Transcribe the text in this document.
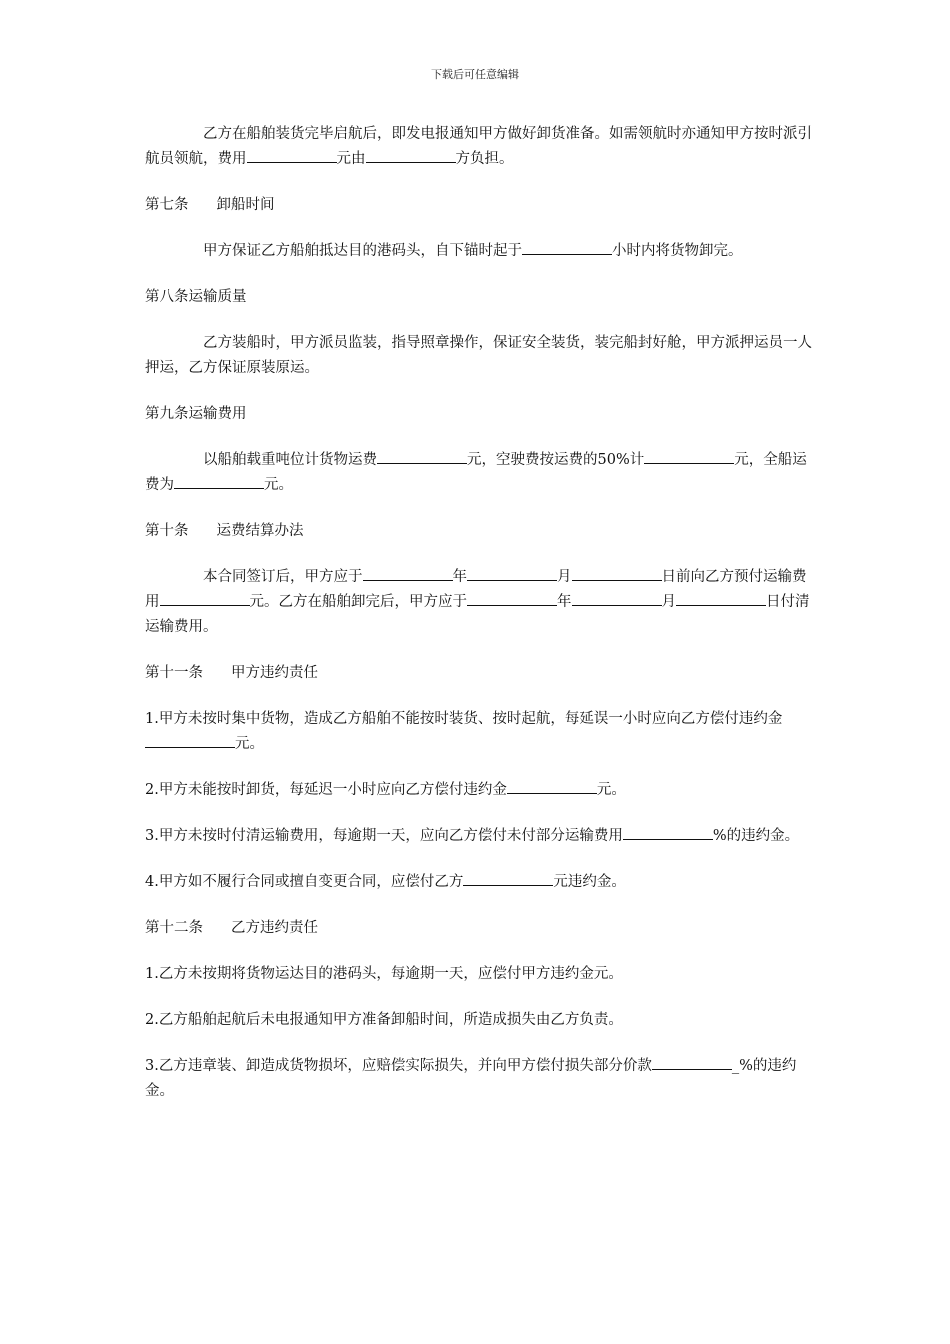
下载后可任意编辑

乙方在船舶装货完毕启航后，即发电报通知甲方做好卸货准备。如需领航时亦通知甲方按时派引航员领航，费用	元由	方负担。

第七条 卸船时间

甲方保证乙方船舶抵达目的港码头，自下锚时起于	小时内将货物卸完。

第八条运输质量

乙方装船时，甲方派员监装，指导照章操作，保证安全装货，装完船封好舱，甲方派押运员一人押运，乙方保证原装原运。

第九条运输费用

以船舶载重吨位计货物运费	元，空驶费按运费的50%计	元，全船运费为	元。

第十条 运费结算办法

本合同签订后，甲方应于	年	月	日前向乙方预付运输费用	元。乙方在船舶卸完后，甲方应于	年	月	日付清运输费用。

第十一条 甲方违约责任

1.甲方未按时集中货物，造成乙方船舶不能按时装货、按时起航，每延误一小时应向乙方偿付违约金元。

2.甲方未能按时卸货，每延迟一小时应向乙方偿付违约金	元。

3.甲方未按时付清运输费用，每逾期一天，应向乙方偿付未付部分运输费用	%的违约金。

4.甲方如不履行合同或擅自变更合同，应偿付乙方	元违约金。

第十二条 乙方违约责任

1.乙方未按期将货物运达目的港码头，每逾期一天，应偿付甲方违约金元。

2.乙方船舶起航后未电报通知甲方准备卸船时间，所造成损失由乙方负责。

3.乙方违章装、卸造成货物损坏，应赔偿实际损失，并向甲方偿付损失部分价款	_%的违约金。
